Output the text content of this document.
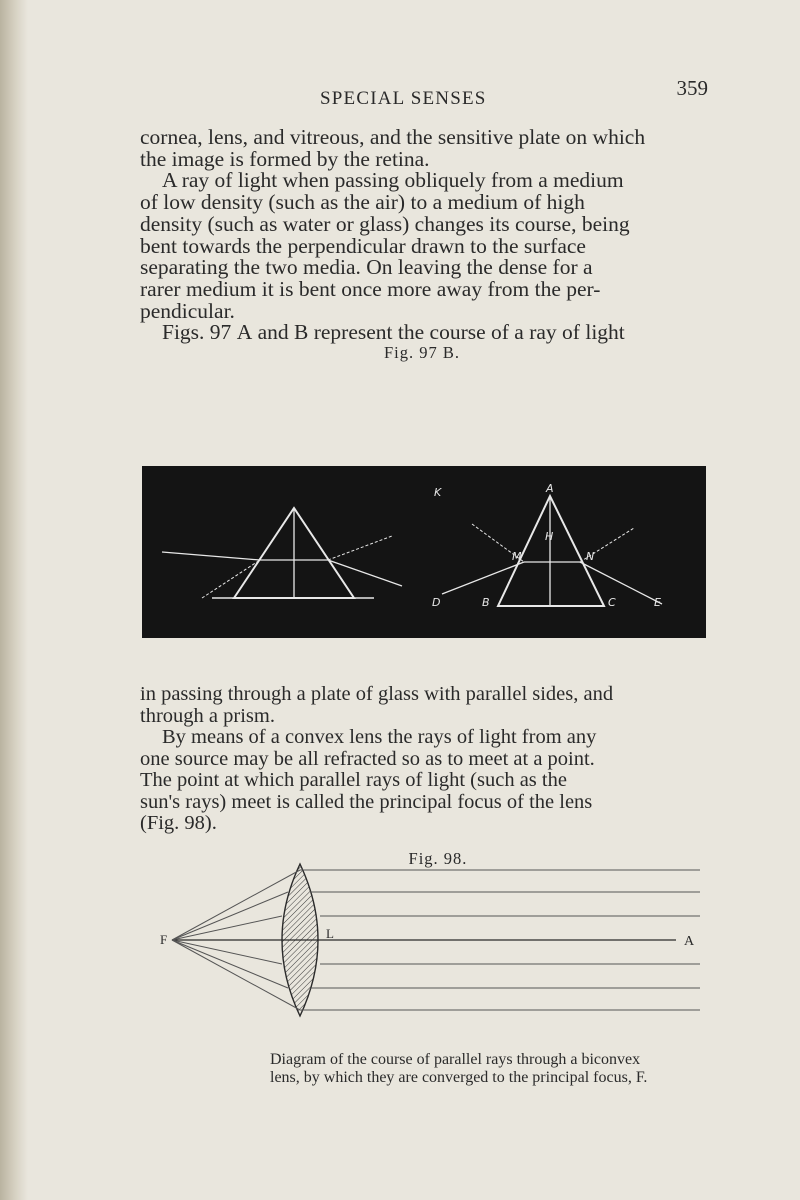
SPECIAL SENSES	359

cornea, lens, and vitreous, and the sensitive plate on which
the image is formed by the retina.

A ray of light when passing obliquely from a medium
of low density (such as the air) to a medium of high
density (such as water or glass) changes its course, being
bent towards the perpendicular drawn to the surface
separating the two media. On leaving the dense for a
rarer medium it is bent once more away from the per-
pendicular.

Figs. 97 A and B represent the course of a ray of light

Fig. 97 B.
K	A
H
M	N
D	B	C	E

in passing through a plate of glass with parallel sides, and
through a prism.

By means of a convex lens the rays of light from any
one source may be all refracted so as to meet at a point.
The point at which parallel rays of light (such as the
sun's rays) meet is called the principal focus of the lens
(Fig. 98).

Fig. 98.
F	L
A

Diagram of the course of parallel rays through a biconvex

lens, by which they are converged to the principal focus, F.
